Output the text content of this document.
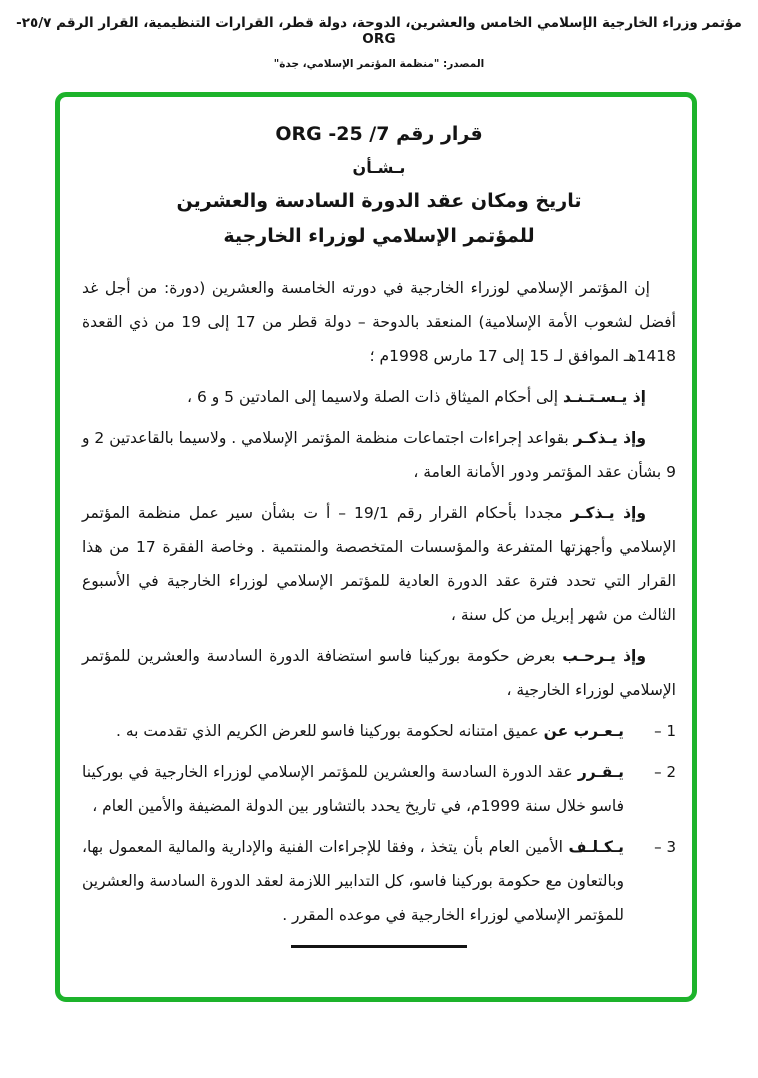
مؤتمر وزراء الخارجية الإسلامي الخامس والعشرين، الدوحة، دولة قطر، القرارات التنظيمية، القرار الرقم ٢٥/٧-ORG
المصدر: "منظمة المؤتمر الإسلامي، جدة"
قرار رقم 7/ 25- ORG
بـشـأن
تاريخ ومكان عقد الدورة السادسة والعشرين
للمؤتمر الإسلامي لوزراء الخارجية

إن المؤتمر الإسلامي لوزراء الخارجية في دورته الخامسة والعشرين (دورة: من أجل غد أفضل لشعوب الأمة الإسلامية) المنعقد بالدوحة – دولة قطر من 17 إلى 19 من ذي القعدة 1418هـ الموافق لـ 15 إلى 17 مارس 1998م ؛

إذ يـسـتـنـد إلى أحكام الميثاق ذات الصلة ولاسيما إلى المادتين 5 و 6 ،

وإذ يـذكـر بقواعد إجراءات اجتماعات منظمة المؤتمر الإسلامي . ولاسيما بالقاعدتين 2 و 9 بشأن عقد المؤتمر ودور الأمانة العامة ،

وإذ يـذكـر مجددا بأحكام القرار رقم 19/1 – أ ت بشأن سير عمل منظمة المؤتمر الإسلامي وأجهزتها المتفرعة والمؤسسات المتخصصة والمنتمية . وخاصة الفقرة 17 من هذا القرار التي تحدد فترة عقد الدورة العادية للمؤتمر الإسلامي لوزراء الخارجية في الأسبوع الثالث من شهر إبريل من كل سنة ،

وإذ يـرحـب بعرض حكومة بوركينا فاسو استضافة الدورة السادسة والعشرين للمؤتمر الإسلامي لوزراء الخارجية ،

1 –

يـعـرب عن عميق امتنانه لحكومة بوركينا فاسو للعرض الكريم الذي تقدمت به .

2 –

يـقـرر عقد الدورة السادسة والعشرين للمؤتمر الإسلامي لوزراء الخارجية في بوركينا فاسو خلال سنة 1999م، في تاريخ يحدد بالتشاور بين الدولة المضيفة والأمين العام ،

3 –

يـكـلـف الأمين العام بأن يتخذ ، وفقا للإجراءات الفنية والإدارية والمالية المعمول بها، وبالتعاون مع حكومة بوركينا فاسو، كل التدابير اللازمة لعقد الدورة السادسة والعشرين للمؤتمر الإسلامي لوزراء الخارجية في موعده المقرر .
